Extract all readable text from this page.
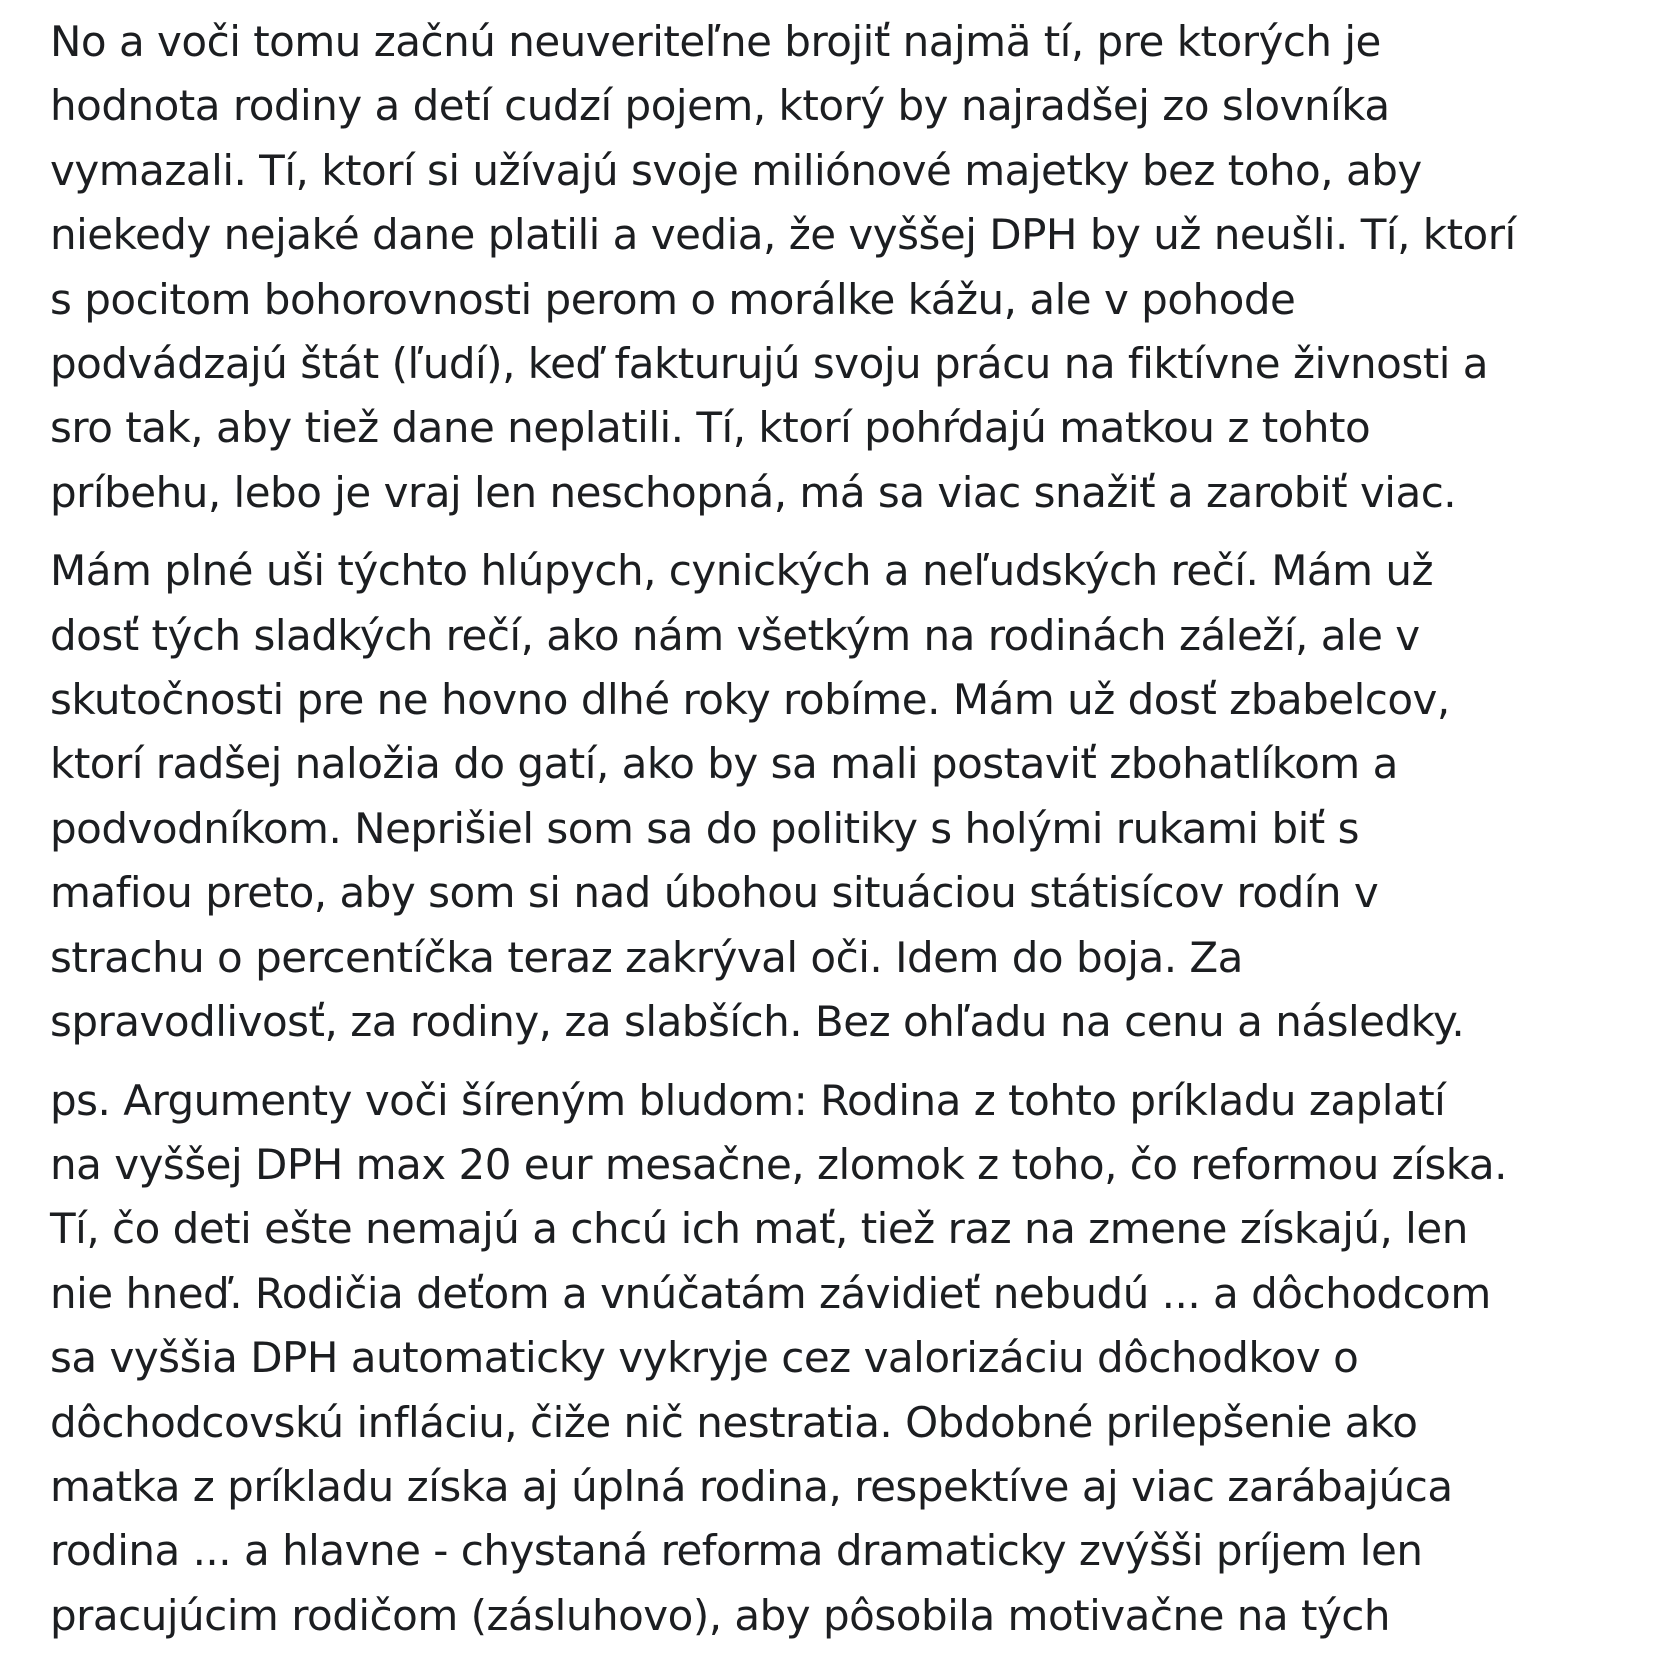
No a voči tomu začnú neuveriteľne brojiť najmä tí, pre ktorých je
hodnota rodiny a detí cudzí pojem, ktorý by najradšej zo slovníka
vymazali. Tí, ktorí si užívajú svoje miliónové majetky bez toho, aby
niekedy nejaké dane platili a vedia, že vyššej DPH by už neušli. Tí, ktorí
s pocitom bohorovnosti perom o morálke kážu, ale v pohode
podvádzajú štát (ľudí), keď fakturujú svoju prácu na fiktívne živnosti a
sro tak, aby tiež dane neplatili. Tí, ktorí pohŕdajú matkou z tohto
príbehu, lebo je vraj len neschopná, má sa viac snažiť a zarobiť viac.

Mám plné uši týchto hlúpych, cynických a neľudských rečí. Mám už
dosť tých sladkých rečí, ako nám všetkým na rodinách záleží, ale v
skutočnosti pre ne hovno dlhé roky robíme. Mám už dosť zbabelcov,
ktorí radšej naložia do gatí, ako by sa mali postaviť zbohatlíkom a
podvodníkom. Neprišiel som sa do politiky s holými rukami biť s
mafiou preto, aby som si nad úbohou situáciou státisícov rodín v
strachu o percentíčka teraz zakrýval oči. Idem do boja. Za
spravodlivosť, za rodiny, za slabších. Bez ohľadu na cenu a následky.

ps. Argumenty voči šíreným bludom: Rodina z tohto príkladu zaplatí
na vyššej DPH max 20 eur mesačne, zlomok z toho, čo reformou získa.
Tí, čo deti ešte nemajú a chcú ich mať, tiež raz na zmene získajú, len
nie hneď. Rodičia deťom a vnúčatám závidieť nebudú ... a dôchodcom
sa vyššia DPH automaticky vykryje cez valorizáciu dôchodkov o
dôchodcovskú infláciu, čiže nič nestratia. Obdobné prilepšenie ako
matka z príkladu získa aj úplná rodina, respektíve aj viac zarábajúca
rodina ... a hlavne - chystaná reforma dramaticky zvýšši príjem len
pracujúcim rodičom (zásluhovo), aby pôsobila motivačne na tých
